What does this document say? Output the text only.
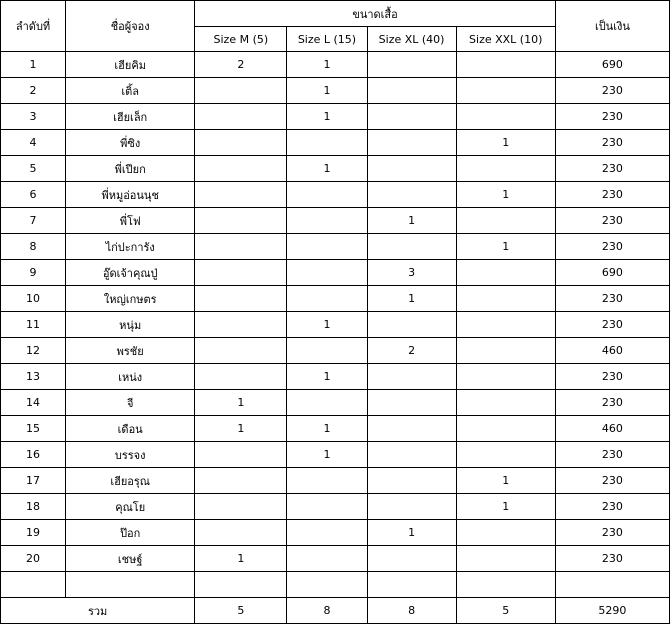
ลำดับที่	ชื่อผู้จอง	ขนาดเสื้อ				เป็นเงิน
		Size M (5)	Size L (15)	Size XL (40)	Size XXL (10)	
1	เฮียคิม	2	1			690
2	เติ้ล		1			230
3	เฮียเล็ก		1			230
4	พี่ซิง				1	230
5	พี่เปียก		1			230
6	พี่หมูอ่อนนุช				1	230
7	พี่โฟ			1		230
8	ไก่ปะการัง				1	230
9	อู๊ดเจ้าคุณปู่			3		690
10	ใหญ่เกษตร			1		230
11	หนุ่ม		1			230
12	พรชัย			2		460
13	เหน่ง		1			230
14	จี	1				230
15	เดือน	1	1			460
16	บรรจง		1			230
17	เฮียอรุณ				1	230
18	คุณโย				1	230
19	ป๊อก			1		230
20	เชษฐ์	1				230

รวม		5	8	8	5	5290
